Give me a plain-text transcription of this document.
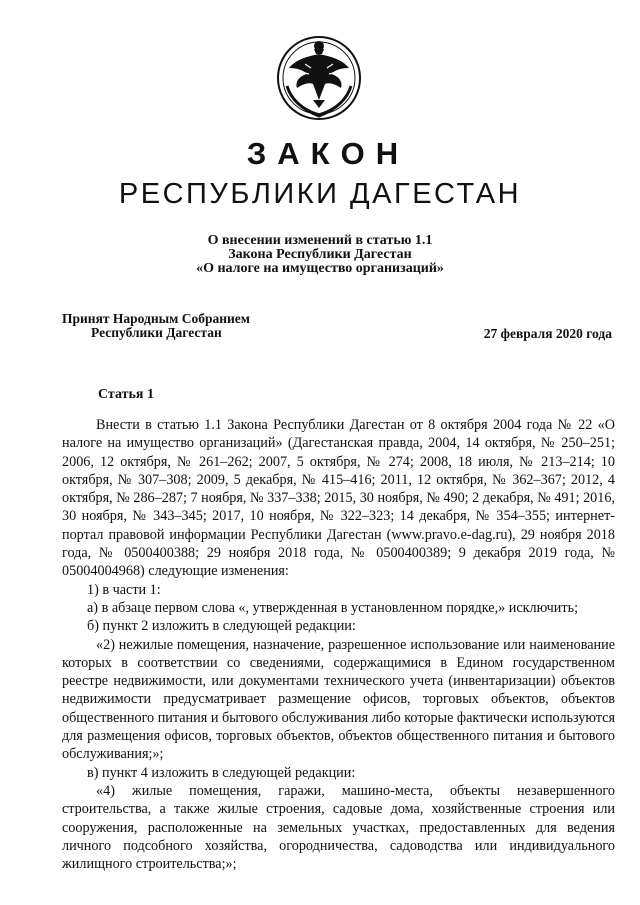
ЗАКОН
РЕСПУБЛИКИ ДАГЕСТАН
О внесении изменений в статью 1.1
Закона Республики Дагестан
«О налоге на имущество организаций»
Принят Народным Собранием
Республики Дагестан	27 февраля 2020 года
Статья 1

Внести в статью 1.1 Закона Республики Дагестан от 8 октября 2004 года № 22 «О налоге на имущество организаций» (Дагестанская правда, 2004, 14 октября, № 250–251; 2006, 12 октября, № 261–262; 2007, 5 октября, № 274; 2008, 18 июля, № 213–214; 10 октября, № 307–308; 2009, 5 декабря, № 415–416; 2011, 12 октября, № 362–367; 2012, 4 октября, № 286–287; 7 ноября, № 337–338; 2015, 30 ноября, № 490; 2 декабря, № 491; 2016, 30 ноября, № 343–345; 2017, 10 ноября, № 322–323; 14 декабря, № 354–355; интернет-портал правовой информации Республики Дагестан (www.pravo.e-dag.ru), 29 ноября 2018 года, № 0500400388; 29 ноября 2018 года, № 0500400389; 9 декабря 2019 года, № 05004004968) следующие изменения:

1) в части 1:

а) в абзаце первом слова «, утвержденная в установленном порядке,» исключить;

б) пункт 2 изложить в следующей редакции:

«2) нежилые помещения, назначение, разрешенное использование или наименование которых в соответствии со сведениями, содержащимися в Едином государственном реестре недвижимости, или документами технического учета (инвентаризации) объектов недвижимости предусматривает размещение офисов, торговых объектов, объектов общественного питания и бытового обслуживания либо которые фактически используются для размещения офисов, торговых объектов, объектов общественного питания и бытового обслуживания;»;

в) пункт 4 изложить в следующей редакции:

«4) жилые помещения, гаражи, машино-места, объекты незавершенного строительства, а также жилые строения, садовые дома, хозяйственные строения или сооружения, расположенные на земельных участках, предоставленных для ведения личного подсобного хозяйства, огородничества, садоводства или индивидуального жилищного строительства;»;
